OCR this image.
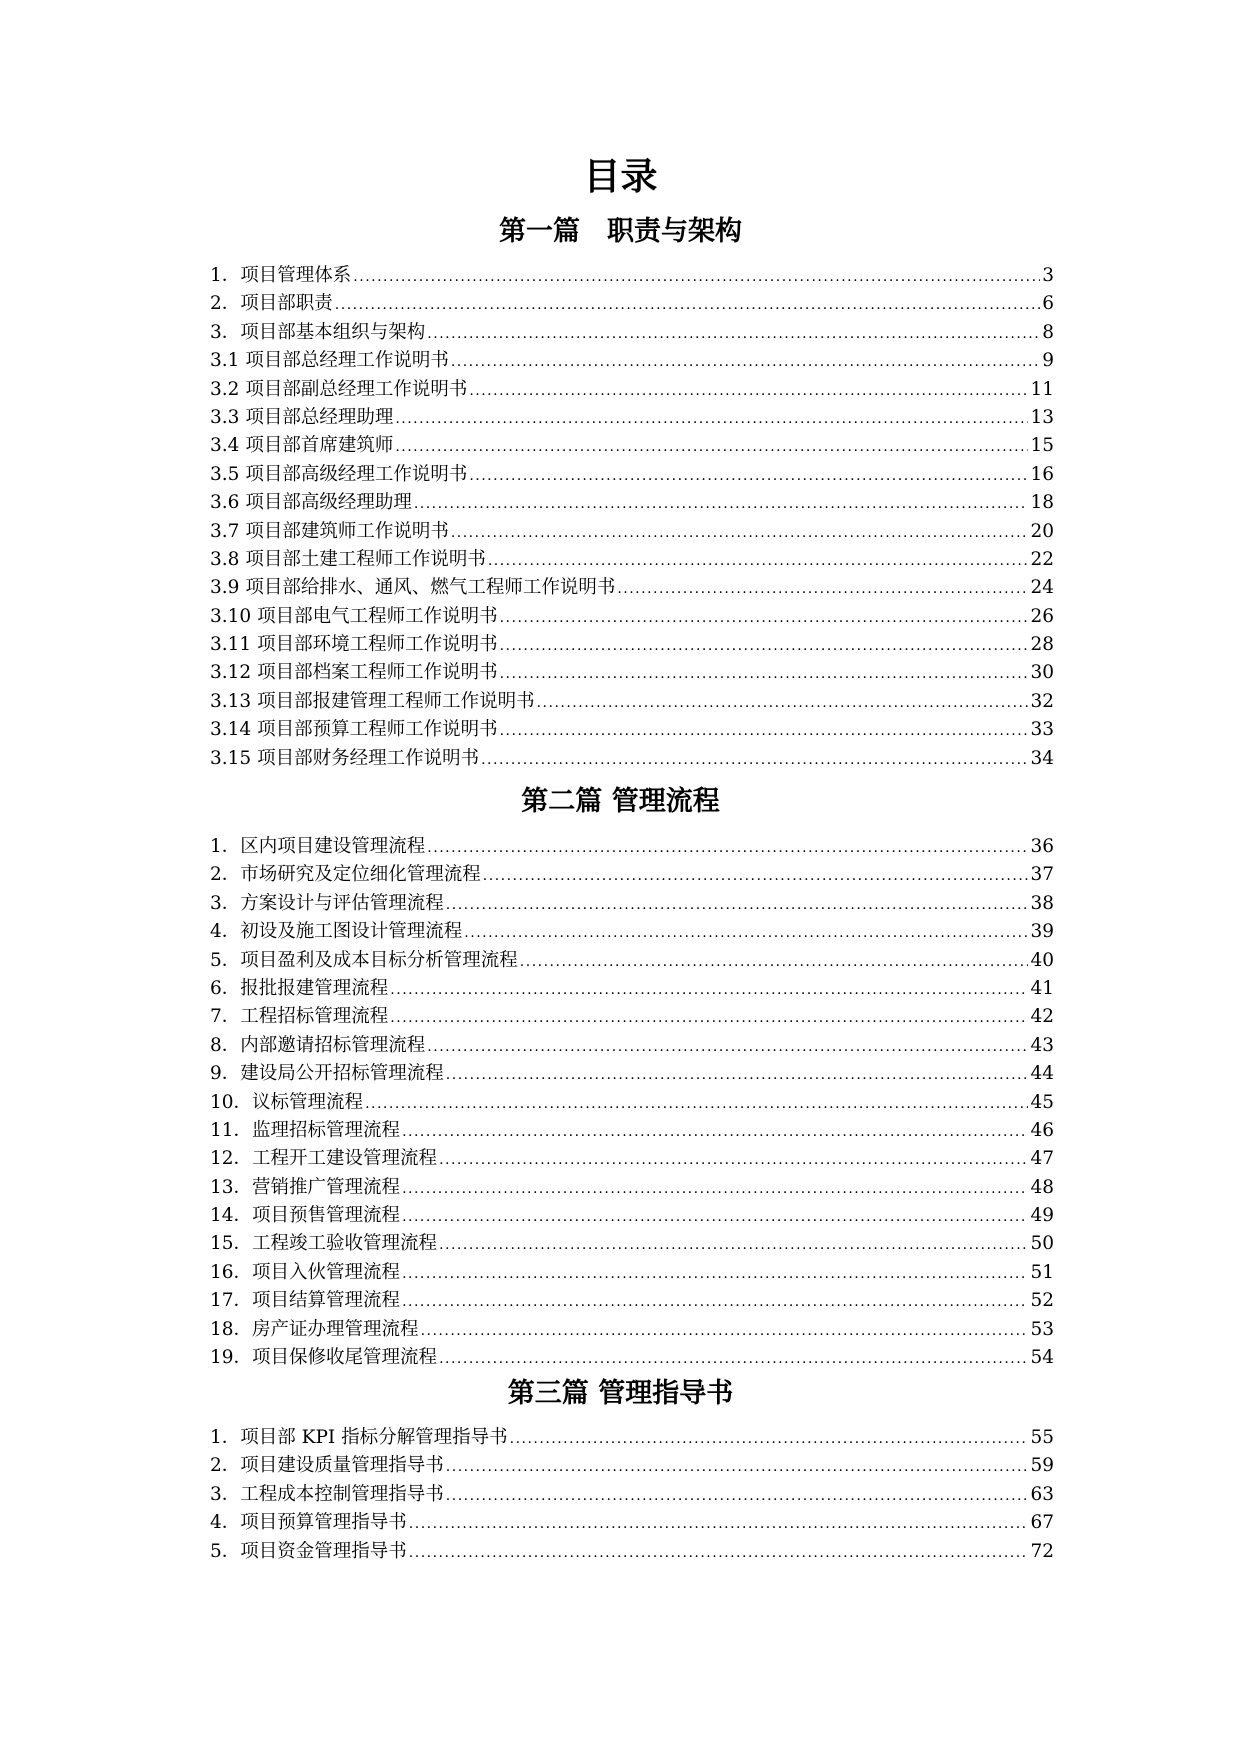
目录
第一篇　职责与架构
1． 项目管理体系 .....	3
2． 项目部职责 .....	6
3． 项目部基本组织与架构 .....	8
3.1 项目部总经理工作说明书 .....	9
3.2 项目部副总经理工作说明书 .....	11
3.3 项目部总经理助理 .....	13
3.4 项目部首席建筑师 .....	15
3.5 项目部高级经理工作说明书 .....	16
3.6 项目部高级经理助理 .....	18
3.7 项目部建筑师工作说明书 .....	20
3.8 项目部土建工程师工作说明书 .....	22
3.9 项目部给排水、通风、燃气工程师工作说明书 .....	24
3.10 项目部电气工程师工作说明书 .....	26
3.11 项目部环境工程师工作说明书 .....	28
3.12 项目部档案工程师工作说明书 .....	30
3.13 项目部报建管理工程师工作说明书 .....	32
3.14 项目部预算工程师工作说明书 .....	33
3.15 项目部财务经理工作说明书 .....	34
第二篇 管理流程
1． 区内项目建设管理流程 .....	36
2． 市场研究及定位细化管理流程 .....	37
3． 方案设计与评估管理流程 .....	38
4． 初设及施工图设计管理流程 .....	39
5． 项目盈利及成本目标分析管理流程 .....	40
6． 报批报建管理流程 .....	41
7． 工程招标管理流程 .....	42
8． 内部邀请招标管理流程 .....	43
9． 建设局公开招标管理流程 .....	44
10． 议标管理流程 .....	45
11． 监理招标管理流程 .....	46
12． 工程开工建设管理流程 .....	47
13． 营销推广管理流程 .....	48
14． 项目预售管理流程 .....	49
15． 工程竣工验收管理流程 .....	50
16． 项目入伙管理流程 .....	51
17． 项目结算管理流程 .....	52
18． 房产证办理管理流程 .....	53
19． 项目保修收尾管理流程 .....	54
第三篇 管理指导书
1． 项目部 KPI 指标分解管理指导书 .....	55
2． 项目建设质量管理指导书 .....	59
3． 工程成本控制管理指导书 .....	63
4． 项目预算管理指导书 .....	67
5． 项目资金管理指导书 .....	72
